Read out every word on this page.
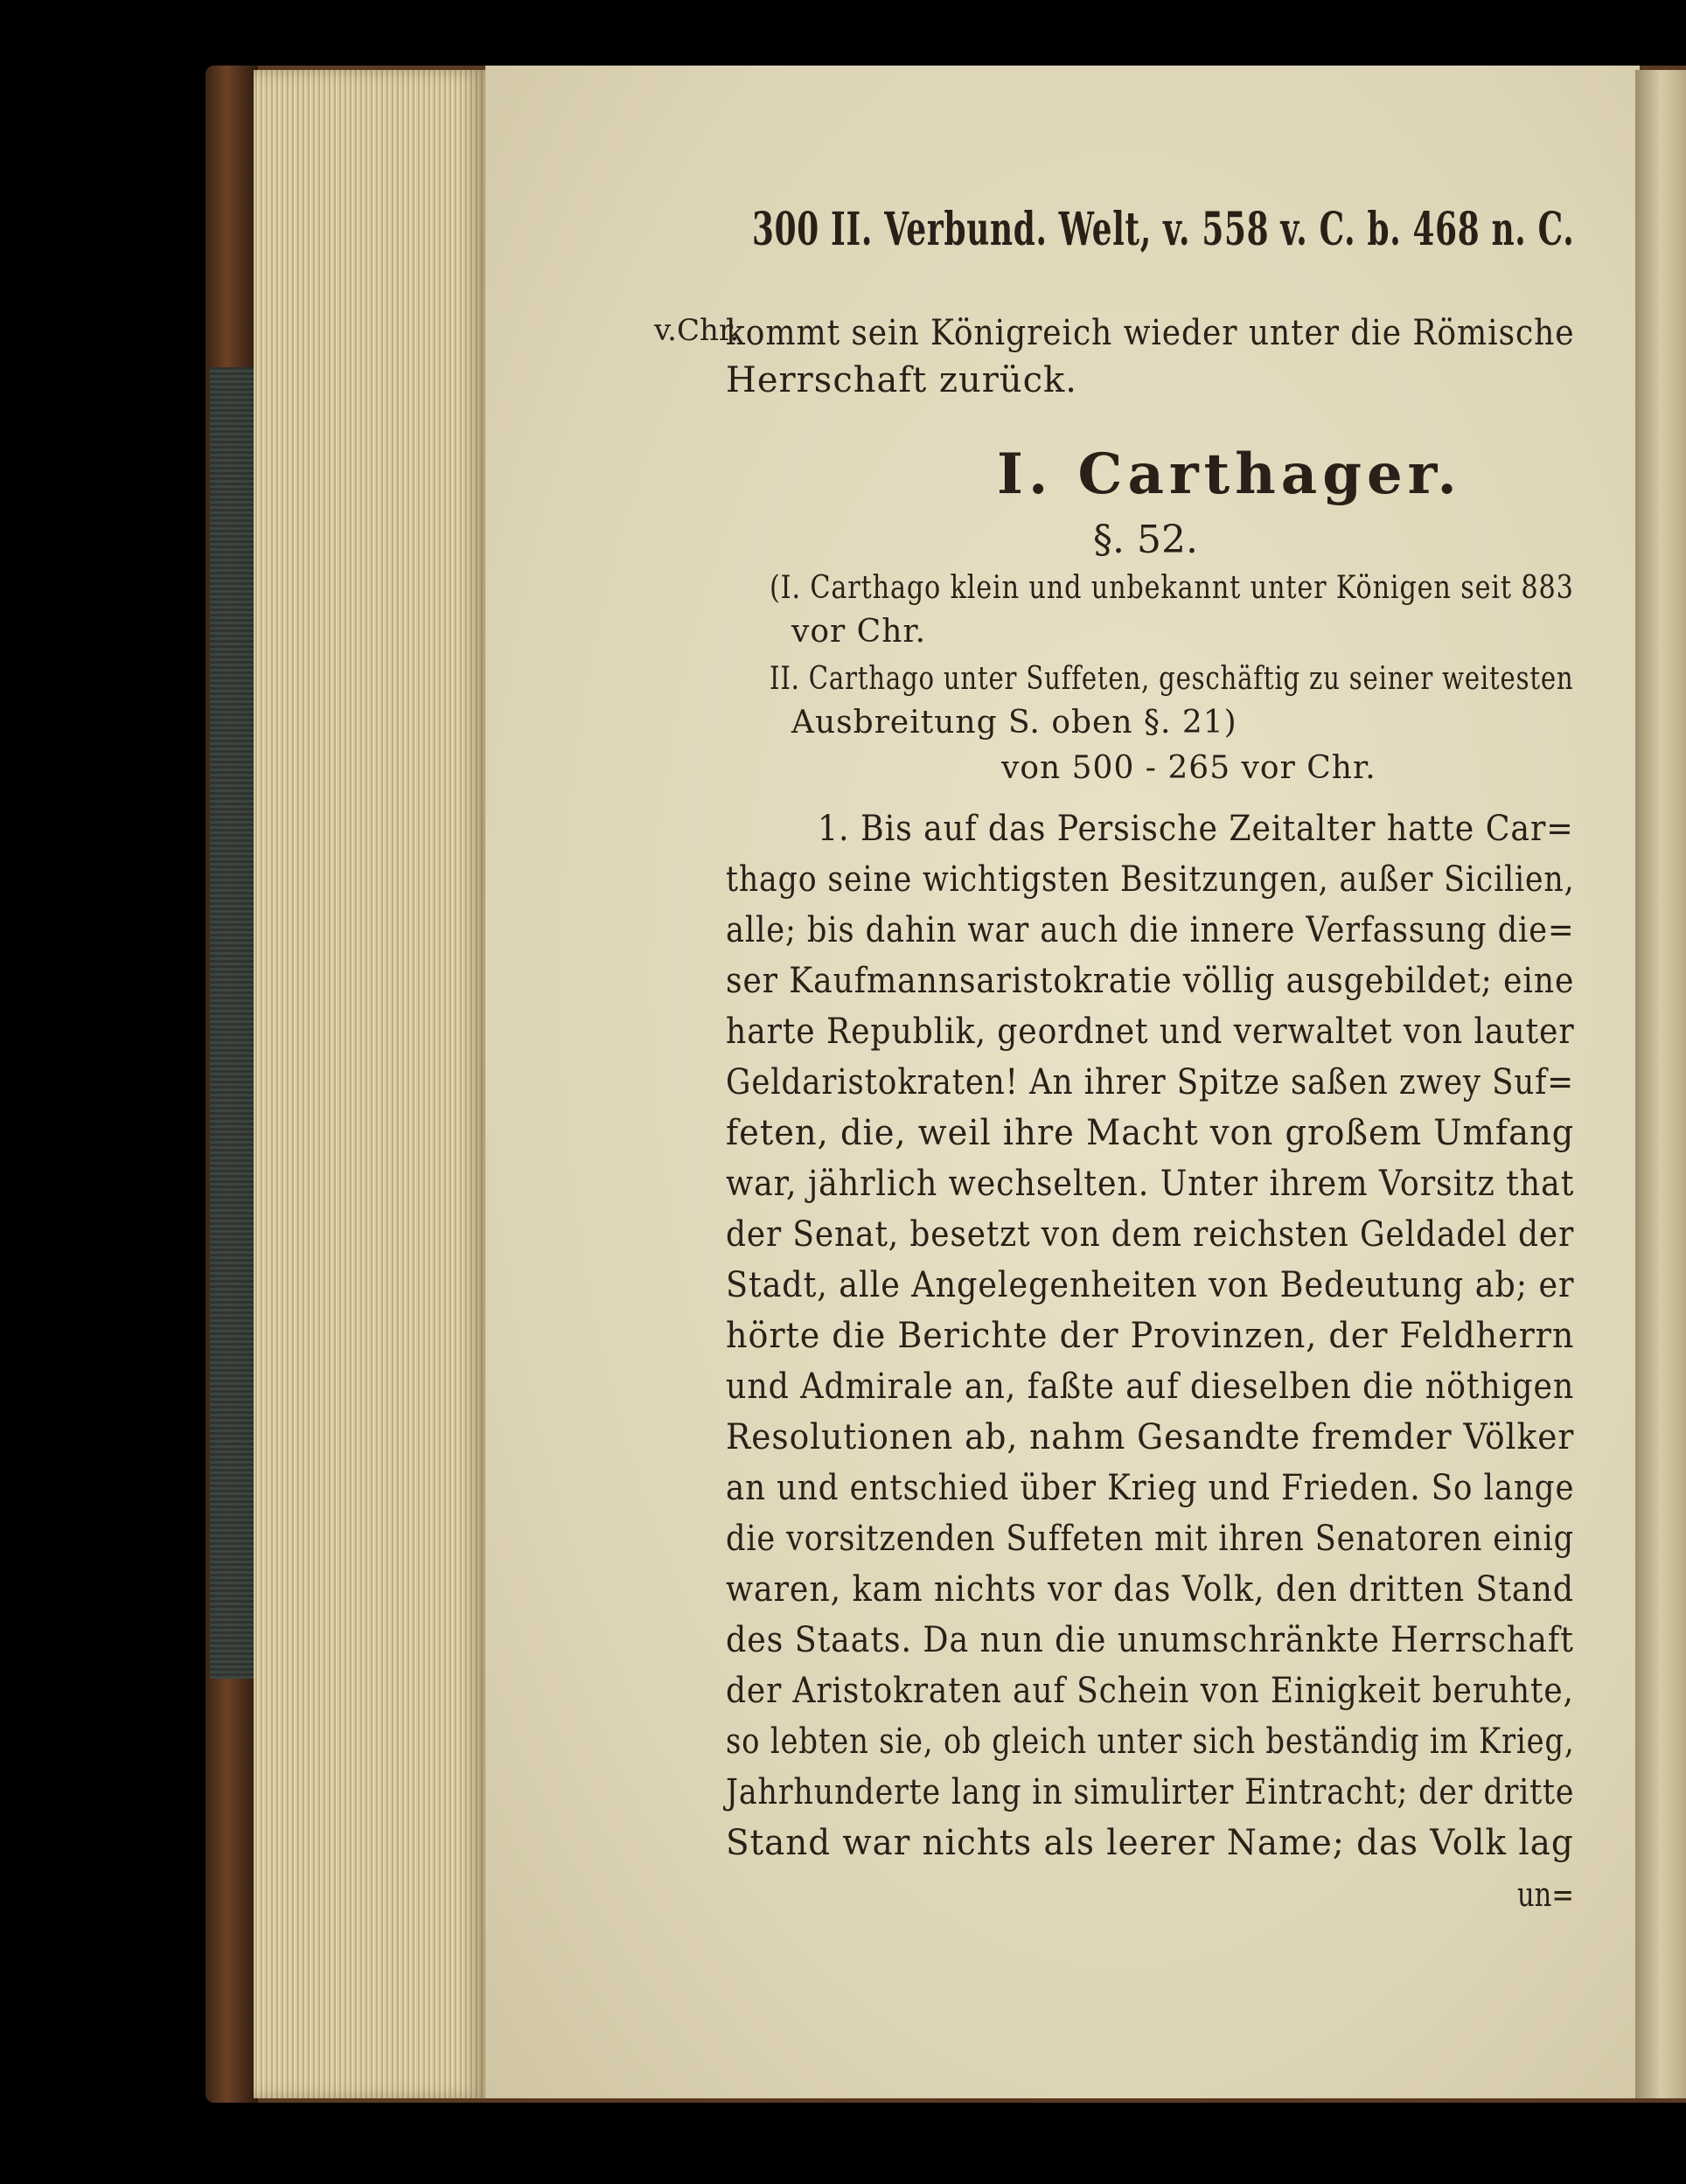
300 II. Verbund. Welt, v. 558 v. C. b. 468 n. C.
v.Chr.
kommt sein Königreich wieder unter die Römische
Herrschaft zurück.
I. Carthager.
§. 52.
(I. Carthago klein und unbekannt unter Königen seit 883
vor Chr.
II. Carthago unter Suffeten, geschäftig zu seiner weitesten
Ausbreitung S. oben §. 21)
von 500 - 265 vor Chr.
1. Bis auf das Persische Zeitalter hatte Car=
thago seine wichtigsten Besitzungen, außer Sicilien,
alle; bis dahin war auch die innere Verfassung die=
ser Kaufmannsaristokratie völlig ausgebildet; eine
harte Republik, geordnet und verwaltet von lauter
Geldaristokraten! An ihrer Spitze saßen zwey Suf=
feten, die, weil ihre Macht von großem Umfang
war, jährlich wechselten. Unter ihrem Vorsitz that
der Senat, besetzt von dem reichsten Geldadel der
Stadt, alle Angelegenheiten von Bedeutung ab; er
hörte die Berichte der Provinzen, der Feldherrn
und Admirale an, faßte auf dieselben die nöthigen
Resolutionen ab, nahm Gesandte fremder Völker
an und entschied über Krieg und Frieden. So lange
die vorsitzenden Suffeten mit ihren Senatoren einig
waren, kam nichts vor das Volk, den dritten Stand
des Staats. Da nun die unumschränkte Herrschaft
der Aristokraten auf Schein von Einigkeit beruhte,
so lebten sie, ob gleich unter sich beständig im Krieg,
Jahrhunderte lang in simulirter Eintracht; der dritte
Stand war nichts als leerer Name; das Volk lag
un=
